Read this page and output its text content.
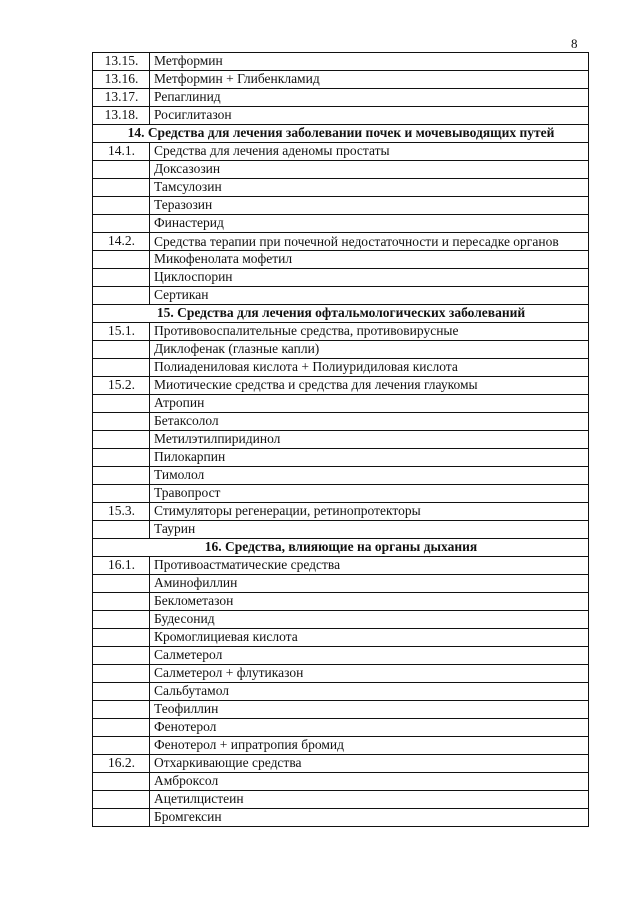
8
13.15.	Метформин
13.16.	Метформин + Глибенкламид
13.17.	Репаглинид
13.18.	Росиглитазон
14. Средства для лечения заболевании почек и мочевыводящих путей	
14.1.	Средства для лечения аденомы простаты
	Доксазозин
	Тамсулозин
	Теразозин
	Финастерид
14.2.	Средства терапии при почечной недостаточности и пересадке органов
	Микофенолата мофетил
	Циклоспорин
	Сертикан
15. Средства для лечения офтальмологических заболеваний	
15.1.	Противовоспалительные средства, противовирусные
	Диклофенак (глазные капли)
	Полиадениловая кислота + Полиуридиловая кислота
15.2.	Миотические средства и средства для лечения глаукомы
	Атропин
	Бетаксолол
	Метилэтилпиридинол
	Пилокарпин
	Тимолол
	Травопрост
15.3.	Стимуляторы регенерации, ретинопротекторы
	Таурин
16. Средства, влияющие на органы дыхания	
16.1.	Противоастматические средства
	Аминофиллин
	Беклометазон
	Будесонид
	Кромоглициевая кислота
	Салметерол
	Салметерол + флутиказон
	Сальбутамол
	Теофиллин
	Фенотерол
	Фенотерол + ипратропия бромид
16.2.	Отхаркивающие средства
	Амброксол
	Ацетилцистеин
	Бромгексин
